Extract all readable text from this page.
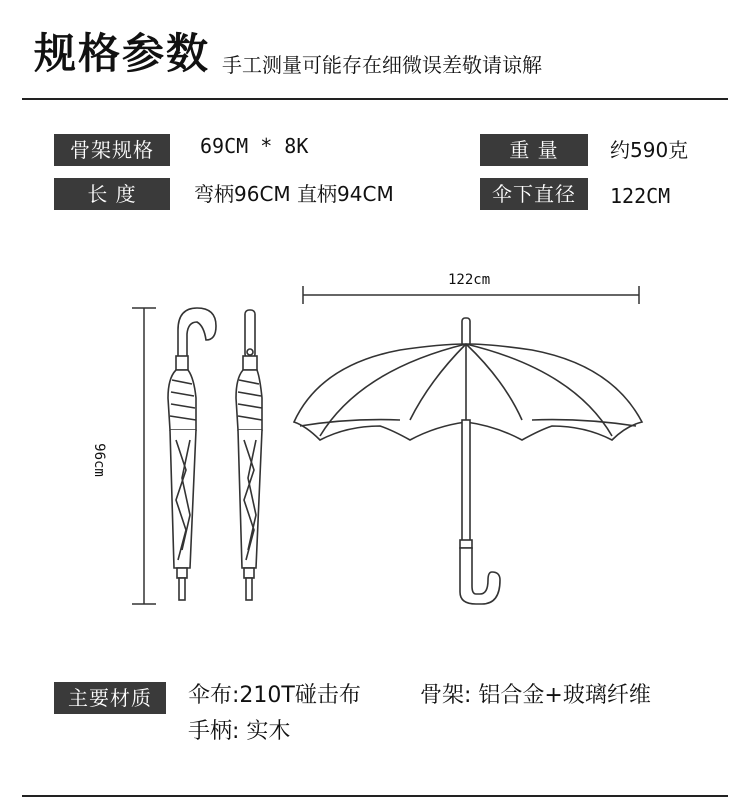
规格参数 手工测量可能存在细微误差敬请谅解
骨架规格	69CM * 8K	重 量	约590克
长 度	弯柄96CM 直柄94CM	伞下直径	122CM
122cm
96cm
主要材质	伞布:210T碰击布	骨架: 铝合金+玻璃纤维
手柄: 实木
